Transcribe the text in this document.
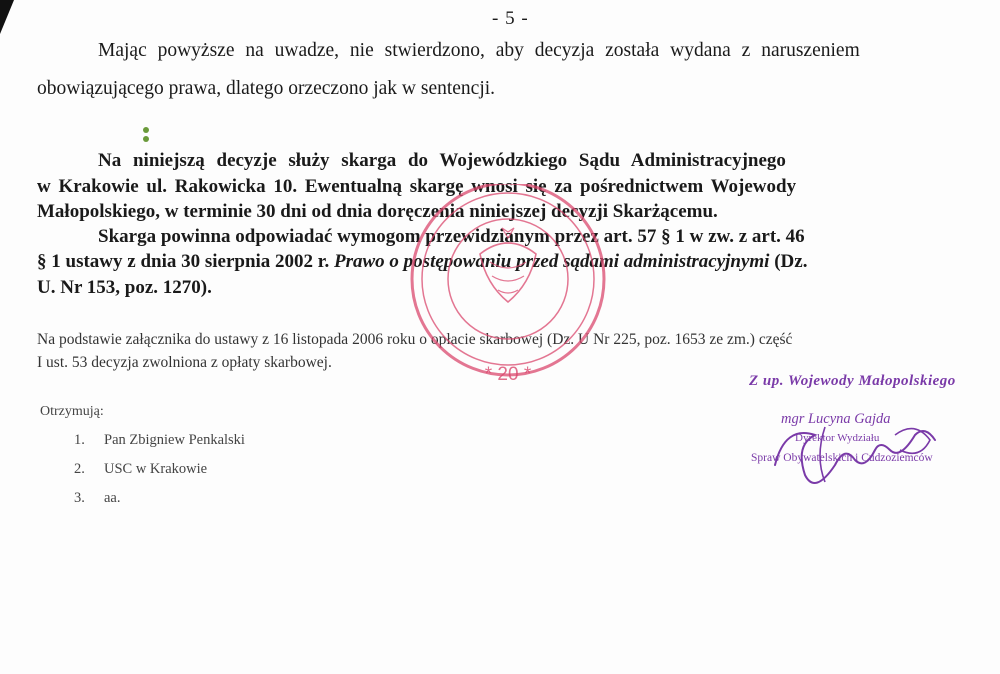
- 5 -
Mając powyższe na uwadze, nie stwierdzono, aby decyzja została wydana z naruszeniem
obowiązującego prawa, dlatego orzeczono jak w sentencji.
Na niniejszą decyzje służy skarga do Wojewódzkiego Sądu Administracyjnego
w Krakowie ul. Rakowicka 10. Ewentualną skargę wnosi się za pośrednictwem Wojewody
Małopolskiego, w terminie 30 dni od dnia doręczenia niniejszej decyzji Skarżącemu.
Skarga powinna odpowiadać wymogom przewidzianym przez art. 57 § 1 w zw. z art. 46
§ 1 ustawy z dnia 30 sierpnia 2002 r. Prawo o postępowaniu przed sądami administracyjnymi (Dz.
U. Nr 153, poz. 1270).
Na podstawie załącznika do ustawy z 16 listopada 2006 roku o opłacie skarbowej (Dz. U Nr 225, poz. 1653 ze zm.) część
I ust. 53 decyzja zwolniona z opłaty skarbowej.
Otrzymują:
1. Pan Zbigniew Penkalski
2. USC w Krakowie
3. aa.
* 20 *	Z up. Wojewody Małopolskiego
mgr Lucyna Gajda
Dyrektor Wydziału
Spraw Obywatelskich i Cudzoziemców
